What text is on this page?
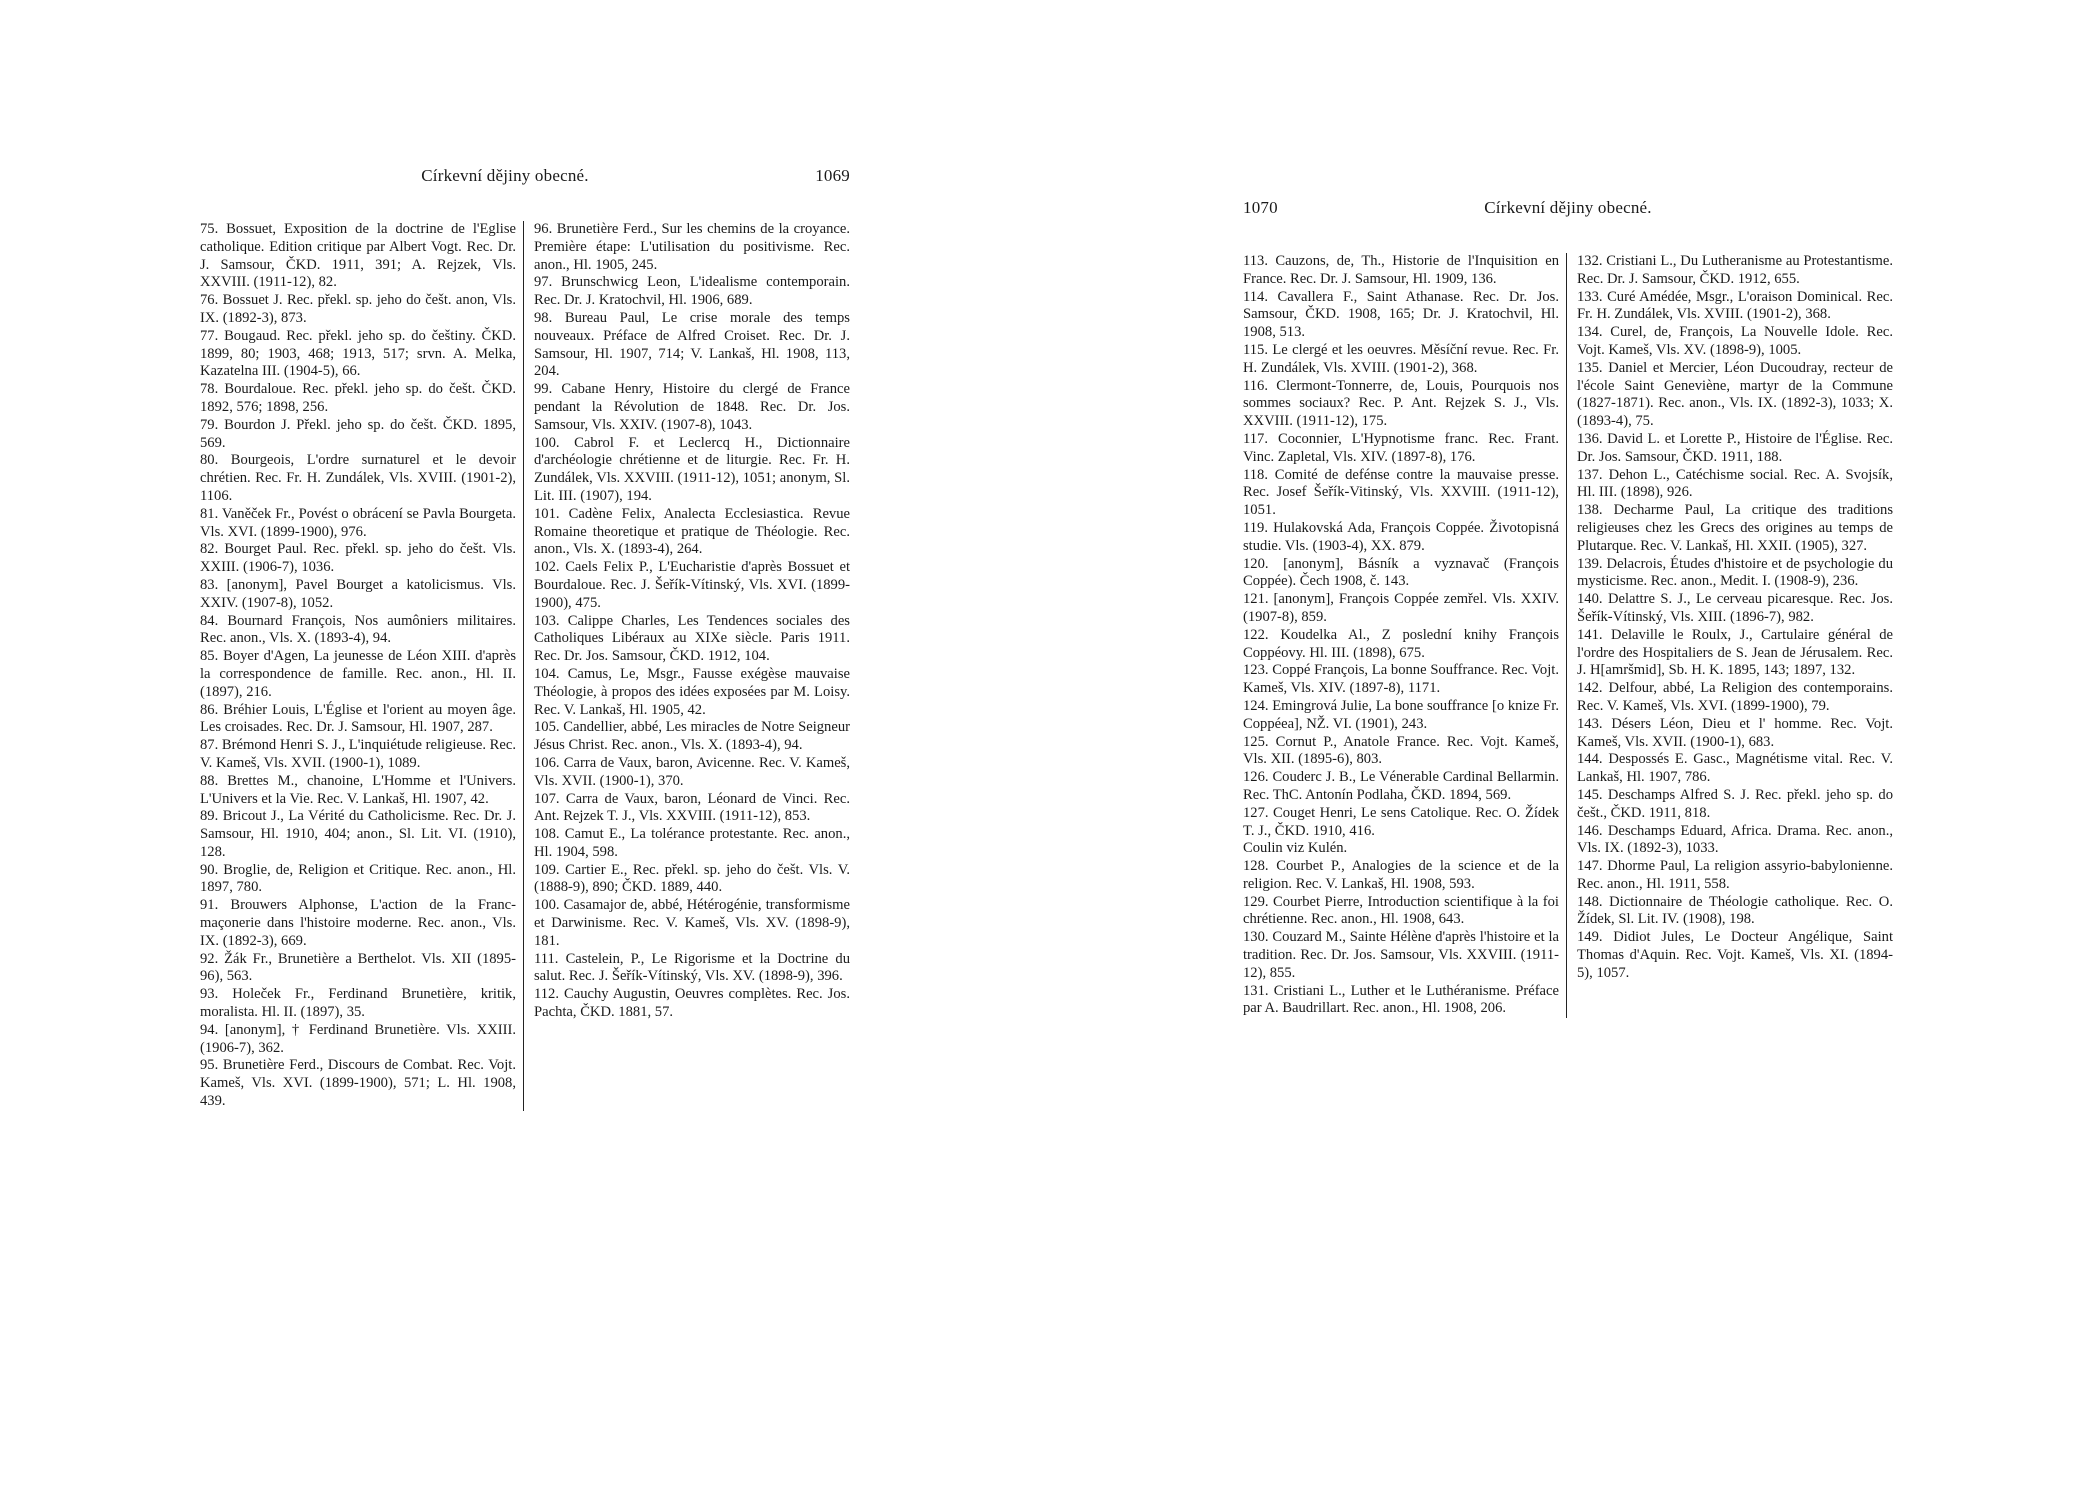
Církevní dějiny obecné.	1069

75. Bossuet, Exposition de la doctrine de l'Eglise catholique. Edition critique par Albert Vogt. Rec. Dr. J. Samsour, ČKD. 1911, 391; A. Rejzek, Vls. XXVIII. (1911-12), 82.

76. Bossuet J. Rec. překl. sp. jeho do češt. anon, Vls. IX. (1892-3), 873.

77. Bougaud. Rec. překl. jeho sp. do češtiny. ČKD. 1899, 80; 1903, 468; 1913, 517; srvn. A. Melka, Kazatelna III. (1904-5), 66.

78. Bourdaloue. Rec. překl. jeho sp. do češt. ČKD. 1892, 576; 1898, 256.

79. Bourdon J. Překl. jeho sp. do češt. ČKD. 1895, 569.

80. Bourgeois, L'ordre surnaturel et le devoir chrétien. Rec. Fr. H. Zundálek, Vls. XVIII. (1901-2), 1106.

81. Vaněček Fr., Povést o obrácení se Pavla Bourgeta. Vls. XVI. (1899-1900), 976.

82. Bourget Paul. Rec. překl. sp. jeho do češt. Vls. XXIII. (1906-7), 1036.

83. [anonym], Pavel Bourget a katolicismus. Vls. XXIV. (1907-8), 1052.

84. Bournard François, Nos aumôniers militaires. Rec. anon., Vls. X. (1893-4), 94.

85. Boyer d'Agen, La jeunesse de Léon XIII. d'après la correspondence de famille. Rec. anon., Hl. II. (1897), 216.

86. Bréhier Louis, L'Église et l'orient au moyen âge. Les croisades. Rec. Dr. J. Samsour, Hl. 1907, 287.

87. Brémond Henri S. J., L'inquiétude religieuse. Rec. V. Kameš, Vls. XVII. (1900-1), 1089.

88. Brettes M., chanoine, L'Homme et l'Univers. L'Univers et la Vie. Rec. V. Lankaš, Hl. 1907, 42.

89. Bricout J., La Vérité du Catholicisme. Rec. Dr. J. Samsour, Hl. 1910, 404; anon., Sl. Lit. VI. (1910), 128.

90. Broglie, de, Religion et Critique. Rec. anon., Hl. 1897, 780.

91. Brouwers Alphonse, L'action de la Franc-maçonerie dans l'histoire moderne. Rec. anon., Vls. IX. (1892-3), 669.

92. Žák Fr., Brunetière a Berthelot. Vls. XII (1895-96), 563.

93. Holeček Fr., Ferdinand Brunetière, kritik, moralista. Hl. II. (1897), 35.

94. [anonym], † Ferdinand Brunetière. Vls. XXIII. (1906-7), 362.

95. Brunetière Ferd., Discours de Combat. Rec. Vojt. Kameš, Vls. XVI. (1899-1900), 571; L. Hl. 1908, 439.

96. Brunetière Ferd., Sur les chemins de la croyance. Première étape: L'utilisation du positivisme. Rec. anon., Hl. 1905, 245.

97. Brunschwicg Leon, L'idealisme contemporain. Rec. Dr. J. Kratochvil, Hl. 1906, 689.

98. Bureau Paul, Le crise morale des temps nouveaux. Préface de Alfred Croiset. Rec. Dr. J. Samsour, Hl. 1907, 714; V. Lankaš, Hl. 1908, 113, 204.

99. Cabane Henry, Histoire du clergé de France pendant la Révolution de 1848. Rec. Dr. Jos. Samsour, Vls. XXIV. (1907-8), 1043.

100. Cabrol F. et Leclercq H., Dictionnaire d'archéologie chrétienne et de liturgie. Rec. Fr. H. Zundálek, Vls. XXVIII. (1911-12), 1051; anonym, Sl. Lit. III. (1907), 194.

101. Cadène Felix, Analecta Ecclesiastica. Revue Romaine theoretique et pratique de Théologie. Rec. anon., Vls. X. (1893-4), 264.

102. Caels Felix P., L'Eucharistie d'après Bossuet et Bourdaloue. Rec. J. Šeřík-Vítinský, Vls. XVI. (1899-1900), 475.

103. Calippe Charles, Les Tendences sociales des Catholiques Libéraux au XIXe siècle. Paris 1911. Rec. Dr. Jos. Samsour, ČKD. 1912, 104.

104. Camus, Le, Msgr., Fausse exégèse mauvaise Théologie, à propos des idées exposées par M. Loisy. Rec. V. Lankaš, Hl. 1905, 42.

105. Candellier, abbé, Les miracles de Notre Seigneur Jésus Christ. Rec. anon., Vls. X. (1893-4), 94.

106. Carra de Vaux, baron, Avicenne. Rec. V. Kameš, Vls. XVII. (1900-1), 370.

107. Carra de Vaux, baron, Léonard de Vinci. Rec. Ant. Rejzek T. J., Vls. XXVIII. (1911-12), 853.

108. Camut E., La tolérance protestante. Rec. anon., Hl. 1904, 598.

109. Cartier E., Rec. překl. sp. jeho do češt. Vls. V. (1888-9), 890; ČKD. 1889, 440.

100. Casamajor de, abbé, Hétérogénie, transformisme et Darwinisme. Rec. V. Kameš, Vls. XV. (1898-9), 181.

111. Castelein, P., Le Rigorisme et la Doctrine du salut. Rec. J. Šeřík-Vítinský, Vls. XV. (1898-9), 396.

112. Cauchy Augustin, Oeuvres complètes. Rec. Jos. Pachta, ČKD. 1881, 57.

1070	Církevní dějiny obecné.

113. Cauzons, de, Th., Historie de l'Inquisition en France. Rec. Dr. J. Samsour, Hl. 1909, 136.

114. Cavallera F., Saint Athanase. Rec. Dr. Jos. Samsour, ČKD. 1908, 165; Dr. J. Kratochvil, Hl. 1908, 513.

115. Le clergé et les oeuvres. Měsíční revue. Rec. Fr. H. Zundálek, Vls. XVIII. (1901-2), 368.

116. Clermont-Tonnerre, de, Louis, Pourquois nos sommes sociaux? Rec. P. Ant. Rejzek S. J., Vls. XXVIII. (1911-12), 175.

117. Coconnier, L'Hypnotisme franc. Rec. Frant. Vinc. Zapletal, Vls. XIV. (1897-8), 176.

118. Comité de defénse contre la mauvaise presse. Rec. Josef Šeřík-Vitinský, Vls. XXVIII. (1911-12), 1051.

119. Hulakovská Ada, François Coppée. Životopisná studie. Vls. (1903-4), XX. 879.

120. [anonym], Básník a vyznavač (François Coppée). Čech 1908, č. 143.

121. [anonym], François Coppée zemřel. Vls. XXIV. (1907-8), 859.

122. Koudelka Al., Z poslední knihy François Coppéovy. Hl. III. (1898), 675.

123. Coppé François, La bonne Souffrance. Rec. Vojt. Kameš, Vls. XIV. (1897-8), 1171.

124. Emingrová Julie, La bone souffrance [o knize Fr. Coppéea], NŽ. VI. (1901), 243.

125. Cornut P., Anatole France. Rec. Vojt. Kameš, Vls. XII. (1895-6), 803.

126. Couderc J. B., Le Vénerable Cardinal Bellarmin. Rec. ThC. Antonín Podlaha, ČKD. 1894, 569.

127. Couget Henri, Le sens Catolique. Rec. O. Žídek T. J., ČKD. 1910, 416.

Coulin viz Kulén.

128. Courbet P., Analogies de la science et de la religion. Rec. V. Lankaš, Hl. 1908, 593.

129. Courbet Pierre, Introduction scientifique à la foi chrétienne. Rec. anon., Hl. 1908, 643.

130. Couzard M., Sainte Hélène d'après l'histoire et la tradition. Rec. Dr. Jos. Samsour, Vls. XXVIII. (1911-12), 855.

131. Cristiani L., Luther et le Luthéranisme. Préface par A. Baudrillart. Rec. anon., Hl. 1908, 206.

132. Cristiani L., Du Lutheranisme au Protestantisme. Rec. Dr. J. Samsour, ČKD. 1912, 655.

133. Curé Amédée, Msgr., L'oraison Dominical. Rec. Fr. H. Zundálek, Vls. XVIII. (1901-2), 368.

134. Curel, de, François, La Nouvelle Idole. Rec. Vojt. Kameš, Vls. XV. (1898-9), 1005.

135. Daniel et Mercier, Léon Ducoudray, recteur de l'école Saint Geneviène, martyr de la Commune (1827-1871). Rec. anon., Vls. IX. (1892-3), 1033; X. (1893-4), 75.

136. David L. et Lorette P., Histoire de l'Église. Rec. Dr. Jos. Samsour, ČKD. 1911, 188.

137. Dehon L., Catéchisme social. Rec. A. Svojsík, Hl. III. (1898), 926.

138. Decharme Paul, La critique des traditions religieuses chez les Grecs des origines au temps de Plutarque. Rec. V. Lankaš, Hl. XXII. (1905), 327.

139. Delacrois, Études d'histoire et de psychologie du mysticisme. Rec. anon., Medit. I. (1908-9), 236.

140. Delattre S. J., Le cerveau picaresque. Rec. Jos. Šeřík-Vítinský, Vls. XIII. (1896-7), 982.

141. Delaville le Roulx, J., Cartulaire général de l'ordre des Hospitaliers de S. Jean de Jérusalem. Rec. J. H[amršmid], Sb. H. K. 1895, 143; 1897, 132.

142. Delfour, abbé, La Religion des contemporains. Rec. V. Kameš, Vls. XVI. (1899-1900), 79.

143. Désers Léon, Dieu et l' homme. Rec. Vojt. Kameš, Vls. XVII. (1900-1), 683.

144. Despossés E. Gasc., Magnétisme vital. Rec. V. Lankaš, Hl. 1907, 786.

145. Deschamps Alfred S. J. Rec. překl. jeho sp. do češt., ČKD. 1911, 818.

146. Deschamps Eduard, Africa. Drama. Rec. anon., Vls. IX. (1892-3), 1033.

147. Dhorme Paul, La religion assyrio-babylonienne. Rec. anon., Hl. 1911, 558.

148. Dictionnaire de Théologie catholique. Rec. O. Žídek, Sl. Lit. IV. (1908), 198.

149. Didiot Jules, Le Docteur Angélique, Saint Thomas d'Aquin. Rec. Vojt. Kameš, Vls. XI. (1894-5), 1057.
